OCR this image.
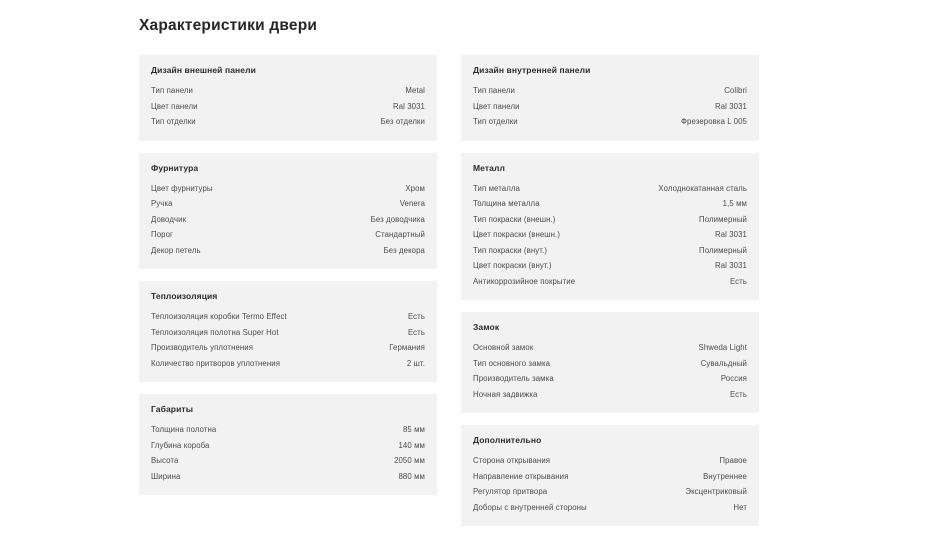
Характеристики двери
Дизайн внешней панели
Тип панели	Metal
Цвет панели	Ral 3031
Тип отделки	Без отделки
Фурнитура
Цвет фурнитуры	Хром
Ручка	Venera
Доводчик	Без доводчика
Порог	Стандартный
Декор петель	Без декора
Теплоизоляция
Теплоизоляция коробки Termo Effect	Есть
Теплоизоляция полотна Super Hot	Есть
Производитель уплотнения	Германия
Количество притворов уплотнения	2 шт.
Габариты
Толщина полотна	85 мм
Глубина короба	140 мм
Высота	2050 мм
Ширина	880 мм
Дизайн внутренней панели
Тип панели	Colibri
Цвет панели	Ral 3031
Тип отделки	Фрезеровка L 005
Металл
Тип металла	Холоднокатанная сталь
Толщина металла	1,5 мм
Тип покраски (внешн.)	Полимерный
Цвет покраски (внешн.)	Ral 3031
Тип покраски (внут.)	Полимерный
Цвет покраски (внут.)	Ral 3031
Антикоррозийное покрытие	Есть
Замок
Основной замок	Shweda Light
Тип основного замка	Сувальдный
Производитель замка	Россия
Ночная задвижка	Есть
Дополнительно
Сторона открывания	Правое
Направление открывания	Внутреннее
Регулятор притвора	Эксцентриковый
Доборы с внутренней стороны	Нет
